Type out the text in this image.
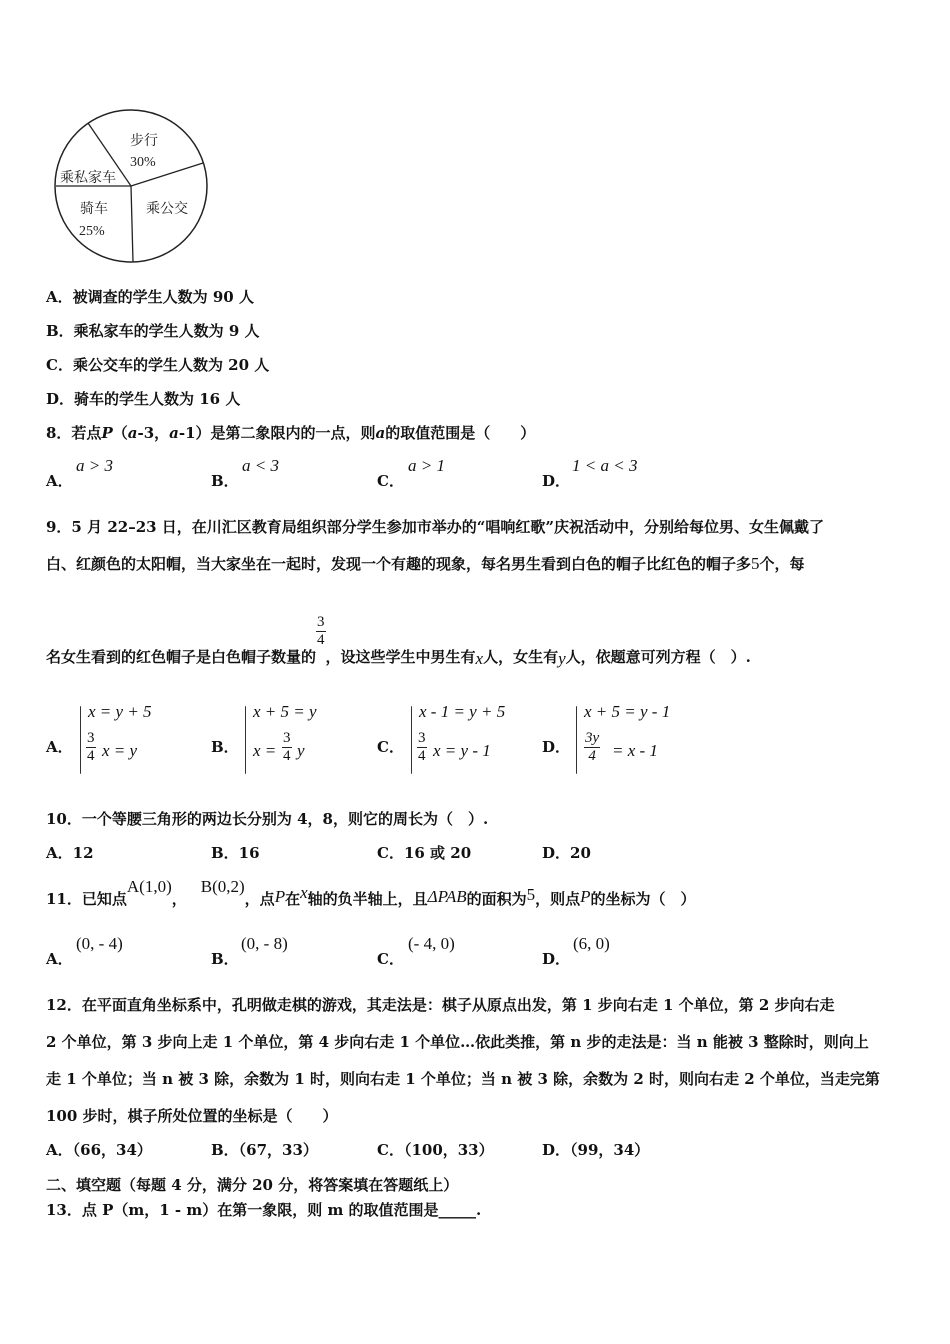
步行
30%
乘私家车
骑车
25%
乘公交
A．被调查的学生人数为 90 人
B．乘私家车的学生人数为 9 人
C．乘公交车的学生人数为 20 人
D．骑车的学生人数为 16 人
8．若点P（a-3，a-1）是第二象限内的一点，则a的取值范围是（　　）
A．
a > 3
B．
a < 3
C．
a > 1
D．
1 < a < 3
9．5 月 22–23 日，在川汇区教育局组织部分学生参加市举办的“唱响红歌”庆祝活动中，分别给每位男、女生佩戴了
白、红颜色的太阳帽，当大家坐在一起时，发现一个有趣的现象，每名男生看到白色的帽子比红色的帽子多5个，每
名女生看到的红色帽子是白色帽子数量的
$\frac{3}{4}$
，设这些学生中男生有x人，女生有y人，依题意可列方程（　）.
A．
x = y + 5
$\frac{3}{4}$ x = y	B．
x + 5 = y
$x = \frac{3}{4}$ y	C．
x - 1 = y + 5
$\frac{3}{4}$ x = y - 1	D．
x + 5 = y - 1
$\frac{3y}{4} = x - 1$
10．一个等腰三角形的两边长分别为 4，8，则它的周长为（　）.
A．12	B．16	C．16 或 20	D．20
11．已知点A(1,0)，B(0,2)，点P在x轴的负半轴上，且ΔPAB的面积为5，则点P的坐标为（　）
A．
(0, - 4)
B．
(0, - 8)
C．
(- 4, 0)
D．
(6, 0)
12．在平面直角坐标系中，孔明做走棋的游戏，其走法是：棋子从原点出发，第 1 步向右走 1 个单位，第 2 步向右走
2 个单位，第 3 步向上走 1 个单位，第 4 步向右走 1 个单位…依此类推，第 n 步的走法是：当 n 能被 3 整除时，则向上
走 1 个单位；当 n 被 3 除，余数为 1 时，则向右走 1 个单位；当 n 被 3 除，余数为 2 时，则向右走 2 个单位，当走完第
100 步时，棋子所处位置的坐标是（　　）
A．（66，34）	B．（67，33）	C．（100，33）	D．（99，34）
二、填空题（每题 4 分，满分 20 分，将答案填在答题纸上）
13．点 P（m，1 - m）在第一象限，则 m 的取值范围是_____.
